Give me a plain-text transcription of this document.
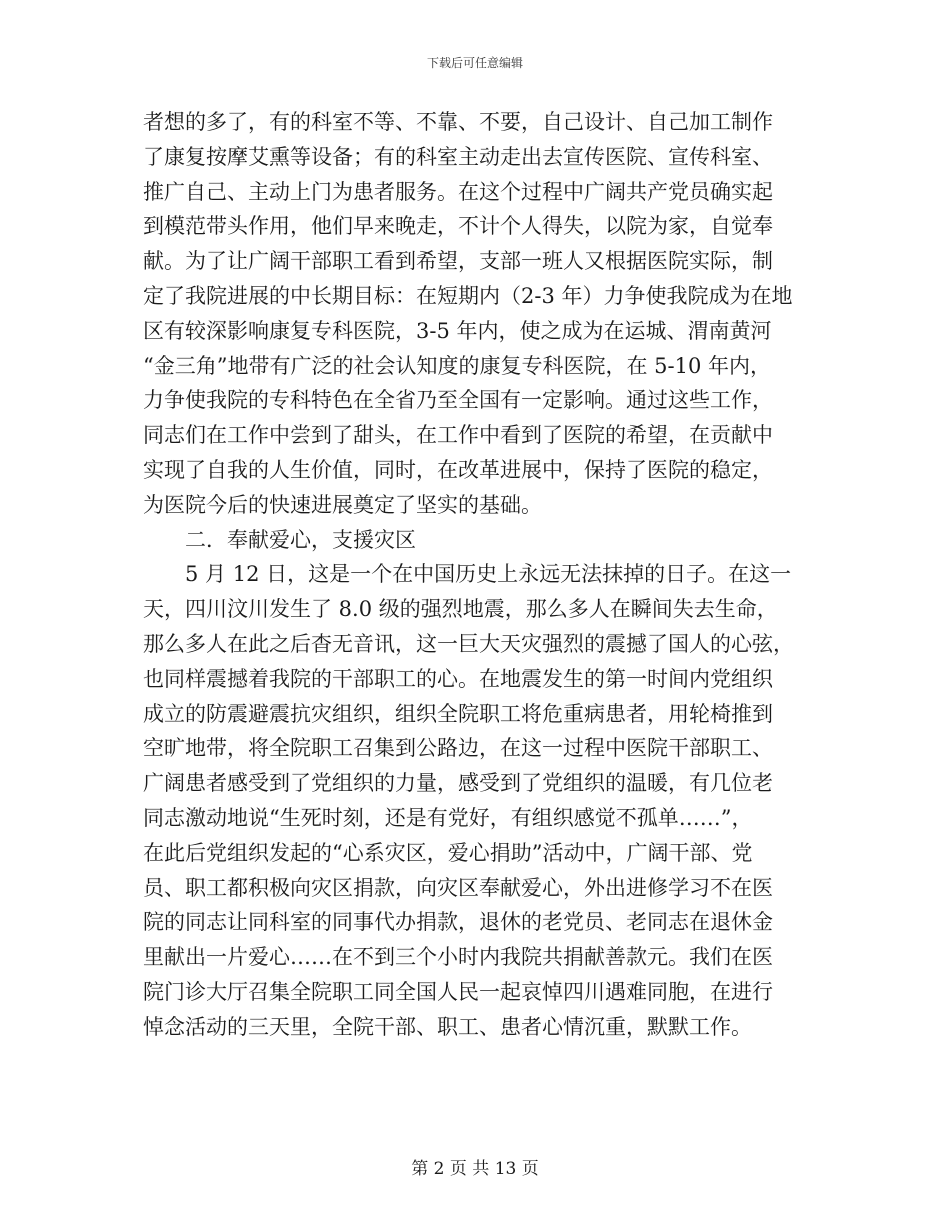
下载后可任意编辑
者想的多了，有的科室不等、不靠、不要，自己设计、自己加工制作
了康复按摩艾熏等设备；有的科室主动走出去宣传医院、宣传科室、
推广自己、主动上门为患者服务。在这个过程中广阔共产党员确实起
到模范带头作用，他们早来晚走，不计个人得失，以院为家，自觉奉
献。为了让广阔干部职工看到希望，支部一班人又根据医院实际，制
定了我院进展的中长期目标：在短期内（2-3 年）力争使我院成为在地
区有较深影响康复专科医院，3-5 年内，使之成为在运城、渭南黄河
“金三角”地带有广泛的社会认知度的康复专科医院，在 5-10 年内，
力争使我院的专科特色在全省乃至全国有一定影响。通过这些工作，
同志们在工作中尝到了甜头，在工作中看到了医院的希望，在贡献中
实现了自我的人生价值，同时，在改革进展中，保持了医院的稳定，
为医院今后的快速进展奠定了坚实的基础。
二．奉献爱心，支援灾区
5 月 12 日，这是一个在中国历史上永远无法抹掉的日子。在这一
天，四川汶川发生了 8.0 级的强烈地震，那么多人在瞬间失去生命，
那么多人在此之后杳无音讯，这一巨大天灾强烈的震撼了国人的心弦，
也同样震撼着我院的干部职工的心。在地震发生的第一时间内党组织
成立的防震避震抗灾组织，组织全院职工将危重病患者，用轮椅推到
空旷地带，将全院职工召集到公路边，在这一过程中医院干部职工、
广阔患者感受到了党组织的力量，感受到了党组织的温暖，有几位老
同志激动地说“生死时刻，还是有党好，有组织感觉不孤单……”，
在此后党组织发起的“心系灾区，爱心捐助”活动中，广阔干部、党
员、职工都积极向灾区捐款，向灾区奉献爱心，外出进修学习不在医
院的同志让同科室的同事代办捐款，退休的老党员、老同志在退休金
里献出一片爱心……在不到三个小时内我院共捐献善款元。我们在医
院门诊大厅召集全院职工同全国人民一起哀悼四川遇难同胞，在进行
悼念活动的三天里，全院干部、职工、患者心情沉重，默默工作。
第 2 页 共 13 页
